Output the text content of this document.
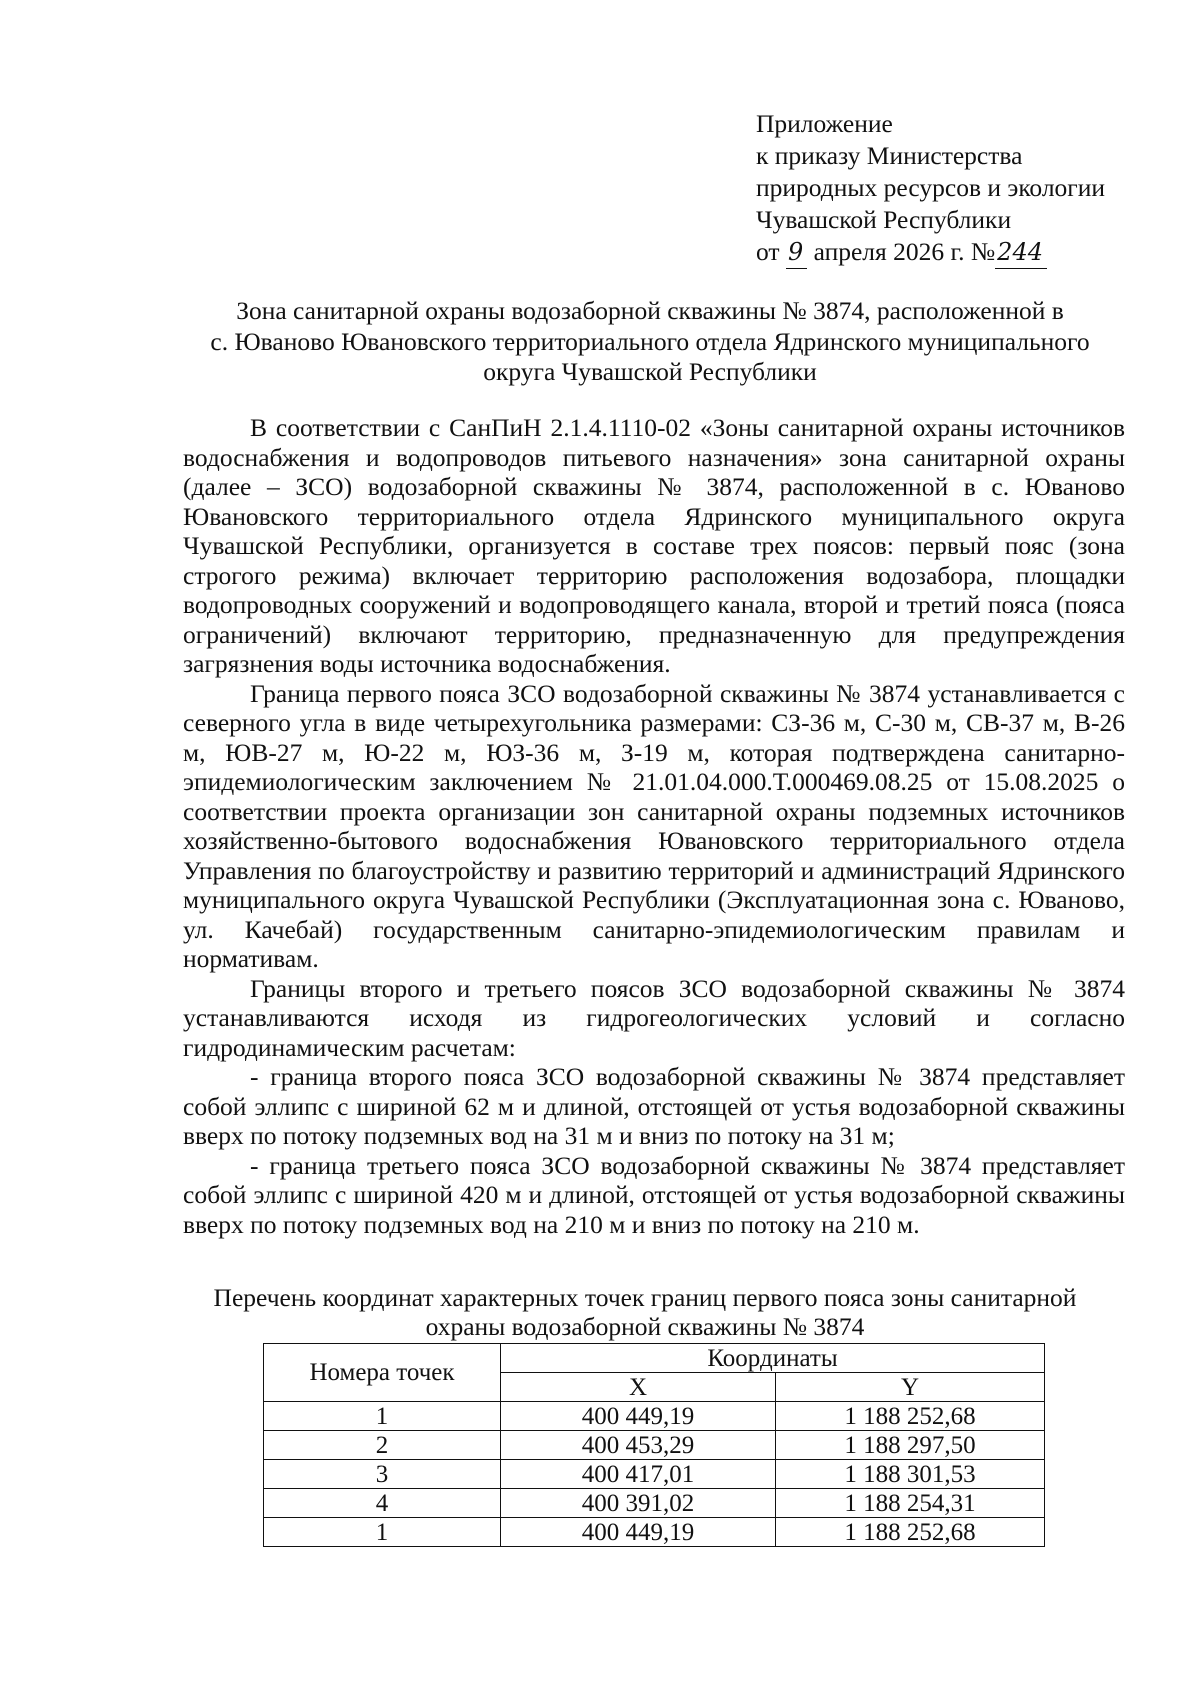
Приложение
к приказу Министерства
природных ресурсов и экологии
Чувашской Республики
от 9 апреля 2026 г. №244
Зона санитарной охраны водозаборной скважины № 3874, расположенной в
с. Юваново Ювановского территориального отдела Ядринского муниципального
округа Чувашской Республики

В соответствии с СанПиН 2.1.4.1110-02 «Зоны санитарной охраны источников водоснабжения и водопроводов питьевого назначения» зона санитарной охраны (далее – ЗСО) водозаборной скважины № 3874, расположенной в с. Юваново Ювановского территориального отдела Ядринского муниципального округа Чувашской Республики, организуется в составе трех поясов: первый пояс (зона строгого режима) включает территорию расположения водозабора, площадки водопроводных сооружений и водопроводящего канала, второй и третий пояса (пояса ограничений) включают территорию, предназначенную для предупреждения загрязнения воды источника водоснабжения.

Граница первого пояса ЗСО водозаборной скважины № 3874 устанавливается с северного угла в виде четырехугольника размерами: СЗ-36 м, С-30 м, СВ-37 м, В-26 м, ЮВ-27 м, Ю-22 м, ЮЗ-36 м, З-19 м, которая подтверждена санитарно-эпидемиологическим заключением № 21.01.04.000.Т.000469.08.25 от 15.08.2025 о соответствии проекта организации зон санитарной охраны подземных источников хозяйственно-бытового водоснабжения Ювановского территориального отдела Управления по благоустройству и развитию территорий и администраций Ядринского муниципального округа Чувашской Республики (Эксплуатационная зона с. Юваново, ул. Качебай) государственным санитарно-эпидемиологическим правилам и нормативам.

Границы второго и третьего поясов ЗСО водозаборной скважины № 3874 устанавливаются исходя из гидрогеологических условий и согласно гидродинамическим расчетам:

- граница второго пояса ЗСО водозаборной скважины № 3874 представляет собой эллипс с шириной 62 м и длиной, отстоящей от устья водозаборной скважины вверх по потоку подземных вод на 31 м и вниз по потоку на 31 м;

- граница третьего пояса ЗСО водозаборной скважины № 3874 представляет собой эллипс с шириной 420 м и длиной, отстоящей от устья водозаборной скважины вверх по потоку подземных вод на 210 м и вниз по потоку на 210 м.

Перечень координат характерных точек границ первого пояса зоны санитарной
охраны водозаборной скважины № 3874
Номера точек	Координаты	
	X	Y
1	400 449,19	1 188 252,68
2	400 453,29	1 188 297,50
3	400 417,01	1 188 301,53
4	400 391,02	1 188 254,31
1	400 449,19	1 188 252,68
